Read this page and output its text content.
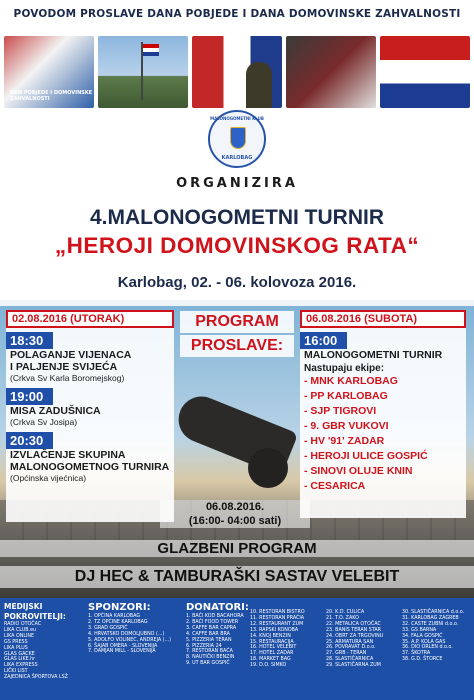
POVODOM PROSLAVE DANA POBJEDE I DANA DOMOVINSKE ZAHVALNOSTI
DAN POBJEDE I DOMOVINSKE ZAHVALNOSTI
MALONOGOMETNI KLUB
KARLOBAG
ORGANIZIRA
4.MALONOGOMETNI TURNIR
„HEROJI DOMOVINSKOG RATA“
Karlobag, 02. - 06. kolovoza 2016.
02.08.2016 (UTORAK)
18:30
POLAGANJE VIJENACA
I PALJENJE SVIJEĆA
(Crkva Sv Karla Boromejskog)
19:00
MISA ZADUŠNICA
(Crkva Sv Josipa)
20:30
IZVLAČENJE SKUPINA
MALONOGOMETNOG TURNIRA
(Općinska vijećnica)
PROGRAM
PROSLAVE:
06.08.2016 (SUBOTA)
16:00
MALONOGOMETNI TURNIR
Nastupaju ekipe:
- MNK KARLOBAG
- PP KARLOBAG
- SJP TIGROVI
- 9. GBR VUKOVI
- HV '91' ZADAR
- HEROJI ULICE GOSPIĆ
- SINOVI OLUJE KNIN
- CESARICA
06.08.2016.
(16:00- 04:00 sati)
GLAZBENI PROGRAM
DJ HEC & TAMBURAŠKI SASTAV VELEBIT
MEDIJSKI POKROVITELJI:
RADIO OTOČAC
LIKA CLUB.eu
LIKA ONLINE
GS PRESS
LIKA PLUS
GLAS GACKE
GLAS LIKE.hr
LIKA EXPRESS
LIČKI LIST
ZAJEDNICA ŠPORTOVA LSŽ
SPONZORI:
1. OPĆINA KARLOBAG
2. TZ OPĆINE KARLOBAG
3. GRAD GOSPIĆ
4. HRVATSKO DOMOLJUBNO (...)
5. ADOLFO VOLINEC, ANDREJA (...)
6. ŠAJAB OMERA - SLOVENIJA
7. DAMJAN MILL - SLOVENIJA
DONATORI:
1. BAĆI KOD BACAHORA
2. BAĆI FOOD TOWER
3. CAFFE BAR CAPRA
4. CAFFE BAR BRA
5. PIZZERIA TERAN
6. PIZZERIA 24
7. RESTORAN BAĆA
8. NAUTIČKI BENZIN
9. UT BAR GOSPIĆ
10. RESTORAN BISTRO
11. RESTORAN PRAĆIA
12. RESTAURANT ZUM
13. RAPSKI KONOBA
14. KNOJ BENZIN
15. RESTAURACIJA
16. HOTEL VELEBIT
17. HOTEL ZADAR
18. MARKET BAG
19. D.O. SIMKO
20. K.D. CULICA
21. T.O. ZAKO
22. METALICA OTOČAC
23. BANIS TERAN STAR
24. OBRT ZA TRGOVINU
25. ARMATURA SAN
26. POVRAVAT D.o.o.
27. GRB - TERAN
28. SLASTIČARNICA
29. SLASTIČARNA ZUM
30. SLASTIČARNICA d.o.o.
31. KARLOBAG ZAGREB
32. CASTE ZUBNI d.o.o.
33. GS BARNA
34. FALA GOSPIĆ
35. A.P. KOLA GAS
36. DIO ORLEN d.o.o.
37. ŠKOTRA
38. G.D. ŠTORCE
